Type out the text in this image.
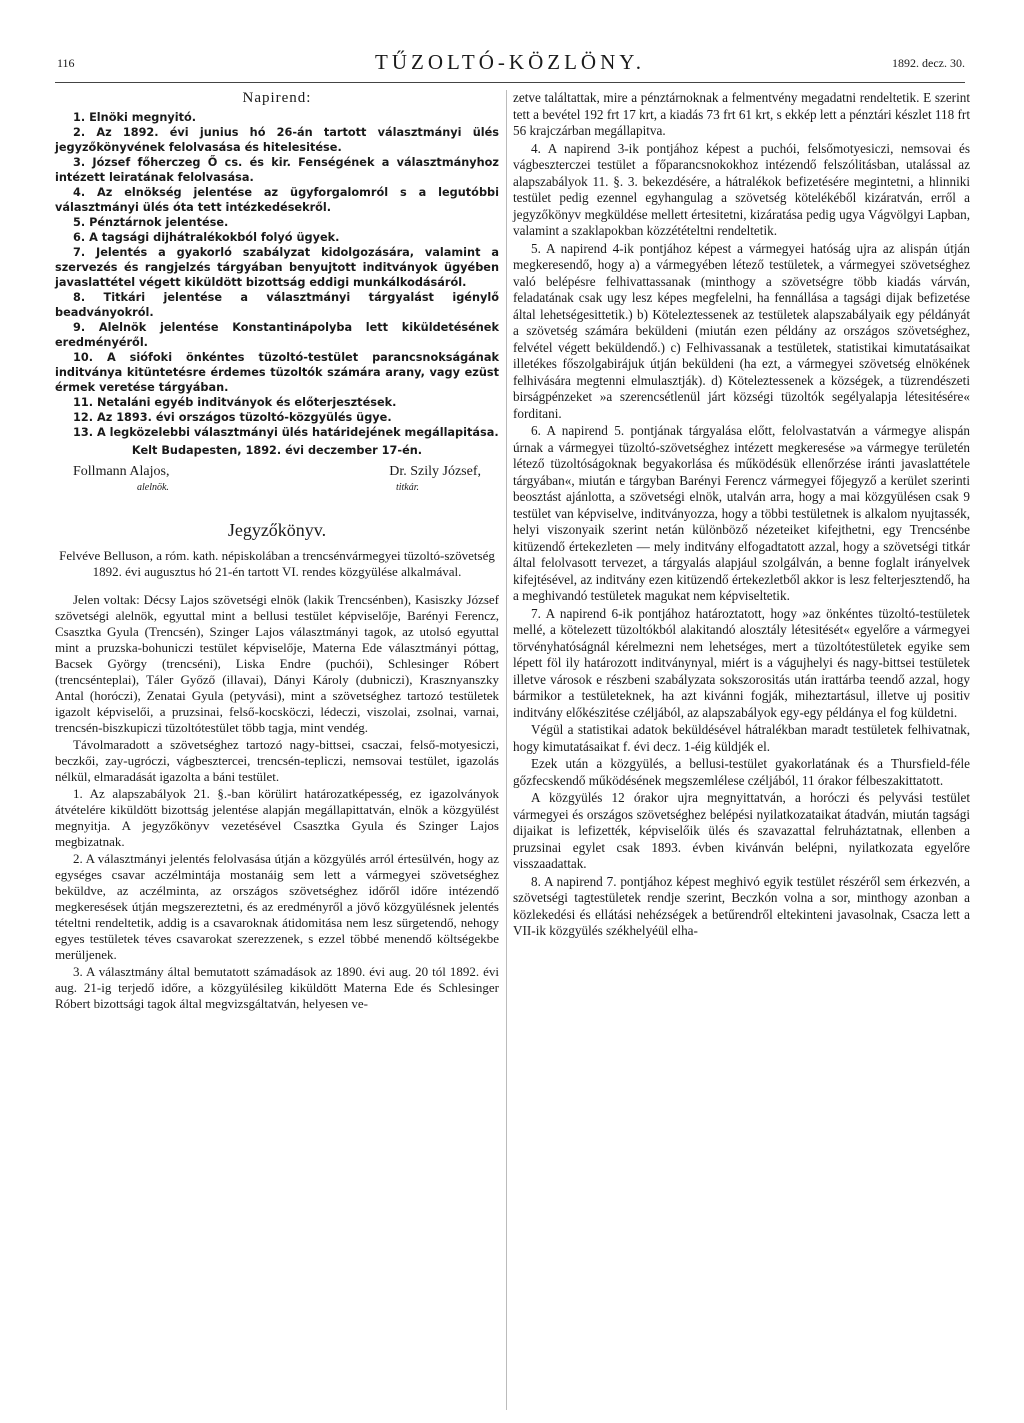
116	TŰZOLTÓ-KÖZLÖNY.	1892. decz. 30.
Napirend:

1. Elnöki megnyitó.

2. Az 1892. évi junius hó 26-án tartott választmányi ülés jegyzőkönyvének felolvasása és hitelesitése.

3. József főherczeg Ő cs. és kir. Fenségének a választmányhoz intézett leiratának felolvasása.

4. Az elnökség jelentése az ügyforgalomról s a legutóbbi választmányi ülés óta tett intézkedésekről.

5. Pénztárnok jelentése.

6. A tagsági dijhátralékokból folyó ügyek.

7. Jelentés a gyakorló szabályzat kidolgozására, valamint a szervezés és rangjelzés tárgyában benyujtott inditványok ügyében javaslattétel végett kiküldött bizottság eddigi munkálkodásáról.

8. Titkári jelentése a választmányi tárgyalást igénylő beadványokról.

9. Alelnök jelentése Konstantinápolyba lett kiküldetésének eredményéről.

10. A siófoki önkéntes tüzoltó-testület parancsnokságának inditványa kitüntetésre érdemes tüzoltók számára arany, vagy ezüst érmek veretése tárgyában.

11. Netaláni egyéb inditványok és előterjesztések.

12. Az 1893. évi országos tüzoltó-közgyülés ügye.

13. A legközelebbi választmányi ülés határidejének megállapitása.

Kelt Budapesten, 1892. évi deczember 17-én.

Follmann Alajos,	Dr. Szily József,
alelnök.	titkár.
Jegyzőkönyv.

Felvéve Belluson, a róm. kath. népiskolában a trencsénvármegyei tüzoltó-szövetség 1892. évi augusztus hó 21-én tartott VI. rendes közgyülése alkalmával.

Jelen voltak: Décsy Lajos szövetségi elnök (lakik Trencsénben), Kasiszky József szövetségi alelnök, egyuttal mint a bellusi testület képviselője, Barényi Ferencz, Csasztka Gyula (Trencsén), Szinger Lajos választmányi tagok, az utolsó egyuttal mint a pruzska-bohuniczi testület képviselője, Materna Ede választmányi póttag, Bacsek György (trencséni), Liska Endre (puchói), Schlesinger Róbert (trencsénteplai), Táler Győző (illavai), Dányi Károly (dubniczi), Krasznyanszky Antal (horóczi), Zenatai Gyula (petyvási), mint a szövetséghez tartozó testületek igazolt képviselői, a pruzsinai, felső-kocsköczi, lédeczi, viszolai, zsolnai, varnai, trencsén-biszkupiczi tüzoltótestület több tagja, mint vendég.

Távolmaradott a szövetséghez tartozó nagy-bittsei, csaczai, felső-motyesiczi, beczkői, zay-ugróczi, vágbesztercei, trencsén-tepliczi, nemsovai testület, igazolás nélkül, elmaradását igazolta a báni testület.

1. Az alapszabályok 21. §.-ban körülirt határozatképesség, ez igazolványok átvételére kiküldött bizottság jelentése alapján megállapittatván, elnök a közgyülést megnyitja. A jegyzőkönyv vezetésével Csasztka Gyula és Szinger Lajos megbizatnak.

2. A választmányi jelentés felolvasása útján a közgyülés arról értesülvén, hogy az egységes csavar aczélmintája mostanáig sem lett a vármegyei szövetséghez beküldve, az aczélminta, az országos szövetséghez időről időre intézendő megkeresések útján megszereztetni, és az eredményről a jövő közgyülésnek jelentés tételtni rendeltetik, addig is a csavaroknak átidomitása nem lesz sürgetendő, nehogy egyes testületek téves csavarokat szerezzenek, s ezzel többé menendő költségekbe merüljenek.

3. A választmány által bemutatott számadások az 1890. évi aug. 20 tól 1892. évi aug. 21-ig terjedő időre, a közgyülésileg kiküldött Materna Ede és Schlesinger Róbert bizottsági tagok által megvizsgáltatván, helyesen ve-

zetve találtattak, mire a pénztárnoknak a felmentvény megadatni rendeltetik. E szerint tett a bevétel 192 frt 17 krt, a kiadás 73 frt 61 krt, s ekkép lett a pénztári készlet 118 frt 56 krajczárban megállapitva.

4. A napirend 3-ik pontjához képest a puchói, felsőmotyesiczi, nemsovai és vágbeszterczei testület a főparancsnokokhoz intézendő felszólitásban, utalással az alapszabályok 11. §. 3. bekezdésére, a hátralékok befizetésére megintetni, a hlinniki testület pedig ezennel egyhangulag a szövetség kötelékéből kizáratván, erről a jegyzőkönyv megküldése mellett értesitetni, kizáratása pedig ugya Vágvölgyi Lapban, valamint a szaklapokban közzétételtni rendeltetik.

5. A napirend 4-ik pontjához képest a vármegyei hatóság ujra az alispán útján megkeresendő, hogy a) a vármegyében létező testületek, a vármegyei szövetséghez való belépésre felhivattassanak (minthogy a szövetségre több kiadás várván, feladatának csak ugy lesz képes megfelelni, ha fennállása a tagsági dijak befizetése által lehetségesittetik.) b) Köteleztessenek az testületek alapszabályaik egy példányát a szövetség számára beküldeni (miután ezen példány az országos szövetséghez, felvétel végett beküldendő.) c) Felhivassanak a testületek, statistikai kimutatásaikat illetékes főszolgabirájuk útján beküldeni (ha ezt, a vármegyei szövetség elnökének felhivására megtenni elmulasztják). d) Köteleztessenek a községek, a tüzrendészeti birságpénzeket »a szerencsétlenül járt községi tüzoltók segélyalapja létesitésére« forditani.

6. A napirend 5. pontjának tárgyalása előtt, felolvastatván a vármegye alispán úrnak a vármegyei tüzoltó-szövetséghez intézett megkeresése »a vármegye területén létező tüzoltóságoknak begyakorlása és működésük ellenőrzése iránti javaslattétele tárgyában«, miután e tárgyban Barényi Ferencz vármegyei főjegyző a kerület szerinti beosztást ajánlotta, a szövetségi elnök, utalván arra, hogy a mai közgyülésen csak 9 testület van képviselve, inditványozza, hogy a többi testületnek is alkalom nyujtassék, helyi viszonyaik szerint netán különböző nézeteiket kifejthetni, egy Trencsénbe kitüzendő értekezleten — mely inditvány elfogadtatott azzal, hogy a szövetségi titkár által felolvasott tervezet, a tárgyalás alapjául szolgálván, a benne foglalt irányelvek kifejtésével, az inditvány ezen kitüzendő értekezletből akkor is lesz felterjesztendő, ha a meghivandó testületek magukat nem képviseltetik.

7. A napirend 6-ik pontjához határoztatott, hogy »az önkéntes tüzoltó-testületek mellé, a kötelezett tüzoltókból alakitandó alosztály létesitését« egyelőre a vármegyei törvényhatóságnál kérelmezni nem lehetséges, mert a tüzoltótestületek egyike sem lépett föl ily határozott inditványnyal, miért is a vágujhelyi és nagy-bittsei testületek illetve városok e részbeni szabályzata sokszorositás után irattárba teendő azzal, hogy bármikor a testületeknek, ha azt kivánni fogják, miheztartásul, illetve uj positiv inditvány előkészitése czéljából, az alapszabályok egy-egy példánya el fog küldetni.

Végül a statistikai adatok beküldésével hátralékban maradt testületek felhivatnak, hogy kimutatásaikat f. évi decz. 1-éig küldjék el.

Ezek után a közgyülés, a bellusi-testület gyakorlatának és a Thursfield-féle gőzfecskendő működésének megszemlélese czéljából, 11 órakor félbeszakittatott.

A közgyülés 12 órakor ujra megnyittatván, a horóczi és pelyvási testület vármegyei és országos szövetséghez belépési nyilatkozataikat átadván, miután tagsági dijaikat is lefizették, képviselőik ülés és szavazattal felruháztatnak, ellenben a pruzsinai egylet csak 1893. évben kivánván belépni, nyilatkozata egyelőre visszaadattak.

8. A napirend 7. pontjához képest meghivó egyik testület részéről sem érkezvén, a szövetségi tagtestületek rendje szerint, Beczkón volna a sor, minthogy azonban a közlekedési és ellátási nehézségek a betűrendről eltekinteni javasolnak, Csacza lett a VII-ik közgyülés székhelyéül elha-
